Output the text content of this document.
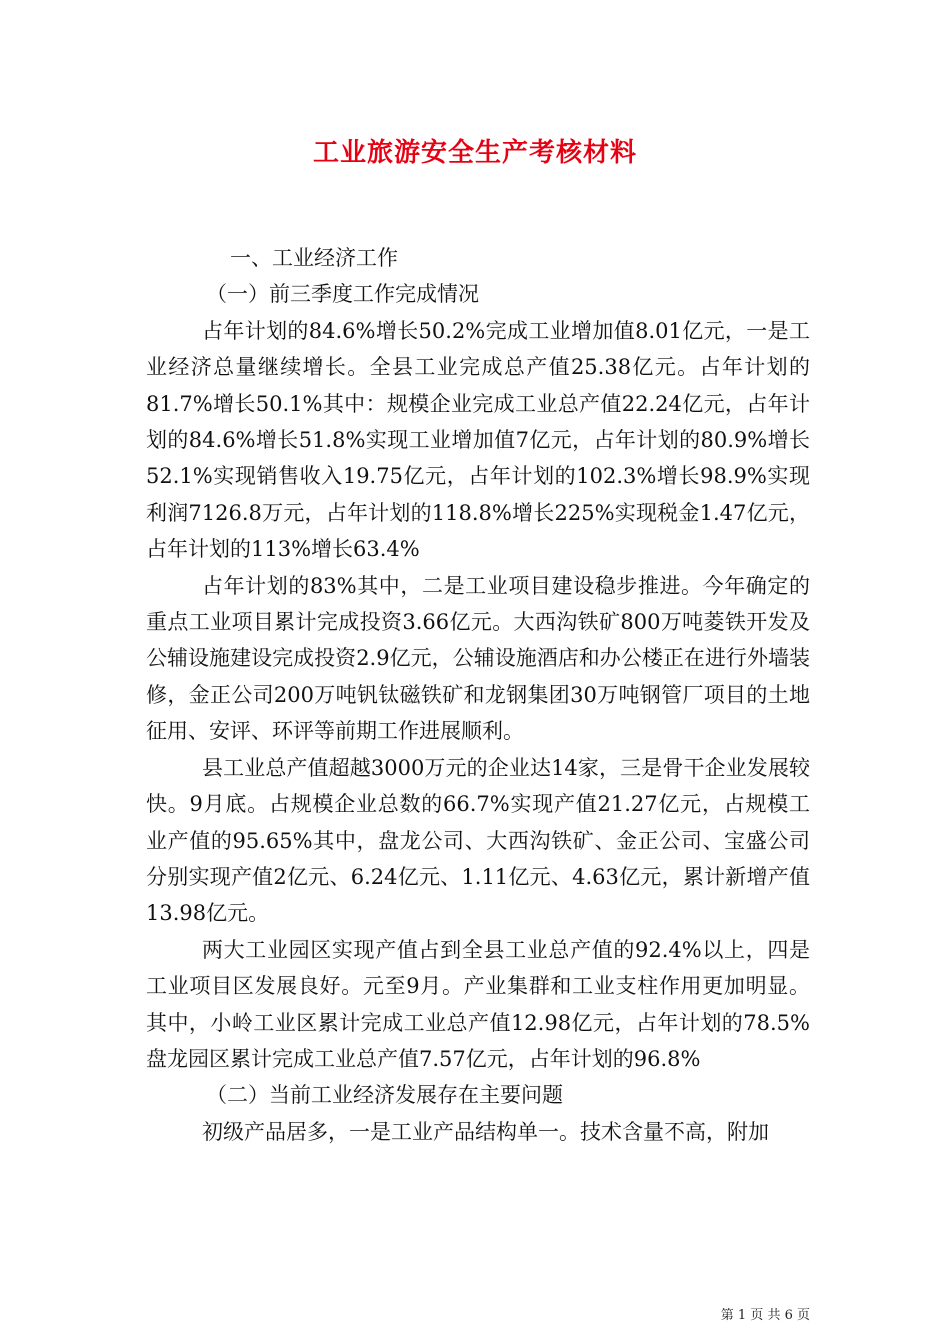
工业旅游安全生产考核材料

一、工业经济工作

（一）前三季度工作完成情况

占年计划的84.6%增长50.2%完成工业增加值8.01亿元，一是工业经济总量继续增长。全县工业完成总产值25.38亿元。占年计划的81.7%增长50.1%其中：规模企业完成工业总产值22.24亿元，占年计划的84.6%增长51.8%实现工业增加值7亿元，占年计划的80.9%增长52.1%实现销售收入19.75亿元，占年计划的102.3%增长98.9%实现利润7126.8万元，占年计划的118.8%增长225%实现税金1.47亿元，占年计划的113%增长63.4%

占年计划的83%其中，二是工业项目建设稳步推进。今年确定的重点工业项目累计完成投资3.66亿元。大西沟铁矿800万吨菱铁开发及公辅设施建设完成投资2.9亿元，公辅设施酒店和办公楼正在进行外墙装修，金正公司200万吨钒钛磁铁矿和龙钢集团30万吨钢管厂项目的土地征用、安评、环评等前期工作进展顺利。

县工业总产值超越3000万元的企业达14家，三是骨干企业发展较快。9月底。占规模企业总数的66.7%实现产值21.27亿元，占规模工业产值的95.65%其中，盘龙公司、大西沟铁矿、金正公司、宝盛公司分别实现产值2亿元、6.24亿元、1.11亿元、4.63亿元，累计新增产值13.98亿元。

两大工业园区实现产值占到全县工业总产值的92.4%以上，四是工业项目区发展良好。元至9月。产业集群和工业支柱作用更加明显。其中，小岭工业区累计完成工业总产值12.98亿元，占年计划的78.5%盘龙园区累计完成工业总产值7.57亿元，占年计划的96.8%

（二）当前工业经济发展存在主要问题

初级产品居多，一是工业产品结构单一。技术含量不高，附加

第 1 页 共 6 页
